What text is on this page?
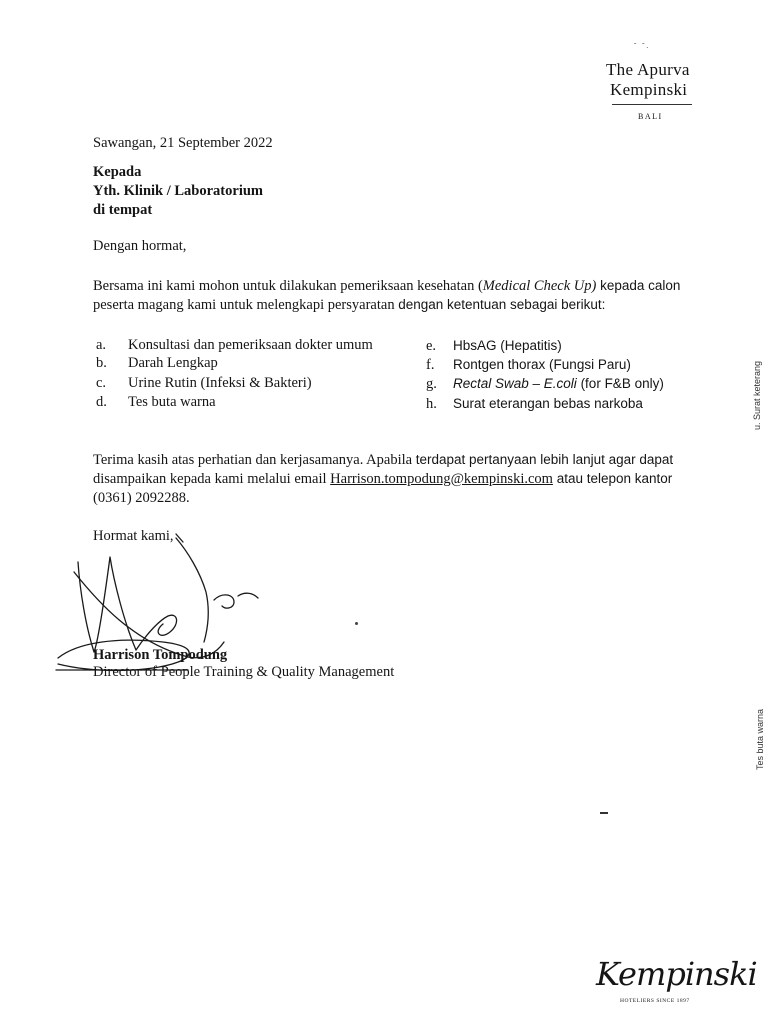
ˇ ˇ.
The Apurva
Kempinski
BALI
Sawangan, 21 September 2022
Kepada
Yth. Klinik / Laboratorium
di tempat
Dengan hormat,
Bersama ini kami mohon untuk dilakukan pemeriksaan kesehatan (Medical Check Up) kepada calon
peserta magang kami untuk melengkapi persyaratan dengan ketentuan sebagai berikut:
a. Konsultasi dan pemeriksaan dokter umum
b. Darah Lengkap
c. Urine Rutin (Infeksi & Bakteri)
d. Tes buta warna
e. HbsAG (Hepatitis)
f. Rontgen thorax (Fungsi Paru)
g. Rectal Swab – E.coli (for F&B only)
h. Surat eterangan bebas narkoba
Terima kasih atas perhatian dan kerjasamanya. Apabila terdapat pertanyaan lebih lanjut agar dapat
disampaikan kepada kami melalui email Harrison.tompodung@kempinski.com atau telepon kantor
(0361) 2092288.
Hormat kami,
Harrison Tompodung
Director of People Training & Quality Management
u. Surat keterang
Tes buta warna
Kempinski
HOTELIERS SINCE 1897
